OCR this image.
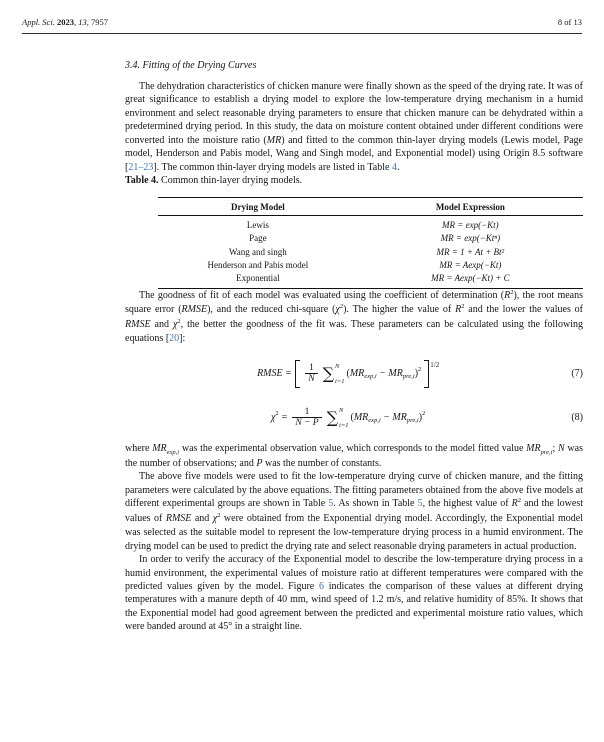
Appl. Sci. 2023, 13, 7957	8 of 13
3.4. Fitting of the Drying Curves

The dehydration characteristics of chicken manure were finally shown as the speed of the drying rate. It was of great significance to establish a drying model to explore the low-temperature drying mechanism in a humid environment and select reasonable drying parameters to ensure that chicken manure can be dehydrated within a predetermined drying period. In this study, the data on moisture content obtained under different conditions were converted into the moisture ratio (MR) and fitted to the common thin-layer drying models (Lewis model, Page model, Henderson and Pabis model, Wang and Singh model, and Exponential model) using Origin 8.5 software [21–23]. The common thin-layer drying models are listed in Table 4.

Table 4. Common thin-layer drying models.

Drying Model	Model Expression
Lewis	MR = exp(−Kt)
Page	MR = exp(−Ktⁿ)
Wang and singh	MR = 1 + At + Bt²
Henderson and Pabis model	MR = Aexp(−Kt)
Exponential	MR = Aexp(−Kt) + C

The goodness of fit of each model was evaluated using the coefficient of determination $(R^2)$, the root means square error (RMSE), and the reduced chi-square $(\chi^2)$. The higher the value of $R^2$ and the lower the values of RMSE and $\chi^2$, the better the goodness of the fit was. These parameters can be calculated using the following equations [20]:

RMSE = $\frac{1}{N}$ ∑ N
i=1
( MR exp,i − MR pre,i ) 2
1/2
(7)
χ $2 = \frac{1}{N - P}$ ∑ N
i=1
( MR exp,i − MR pre,i ) 2	(8)

where $MR_{exp,i}$ was the experimental observation value, which corresponds to the model fitted value $MR_{pre,i}$; N was the number of observations; and P was the number of constants.

The above five models were used to fit the low-temperature drying curve of chicken manure, and the fitting parameters were calculated by the above equations. The fitting parameters obtained from the above five models at different experimental groups are shown in Table 5. As shown in Table 5, the highest value of $R^2$ and the lowest values of RMSE and $\chi^2$ were obtained from the Exponential drying model. Accordingly, the Exponential model was selected as the suitable model to represent the low-temperature drying process in a humid environment. The drying model can be used to predict the drying rate and select reasonable drying parameters in actual production.

In order to verify the accuracy of the Exponential model to describe the low-temperature drying process in a humid environment, the experimental values of moisture ratio at different temperatures were compared with the predicted values given by the model. Figure 6 indicates the comparison of these values at different drying temperatures with a manure depth of 40 mm, wind speed of 1.2 m/s, and relative humidity of 85%. It shows that the Exponential model had good agreement between the predicted and experimental moisture ratio values, which were banded around at 45° in a straight line.
